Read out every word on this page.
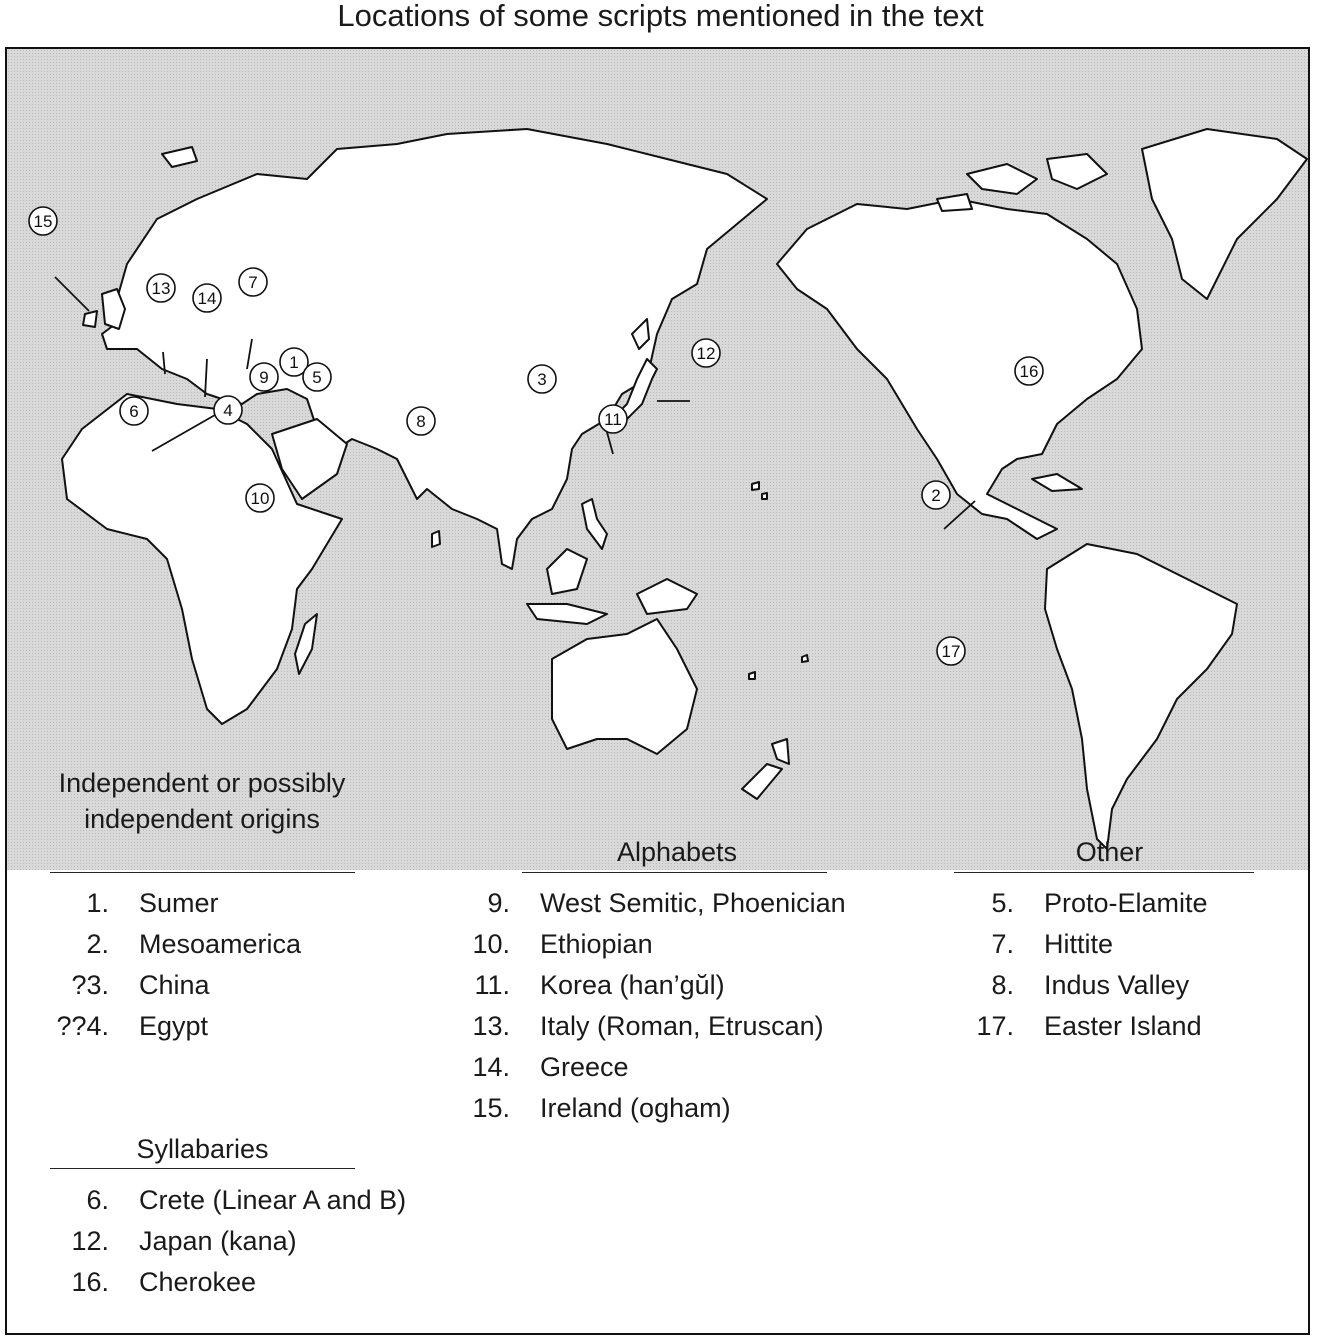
Locations of some scripts mentioned in the text
1
2
3
4
5
6
7
8
9
10
11
12
13
14
15
16
17
Independent or possibly independent origins
Alphabets	Other
1. Sumer
2. Mesoamerica
?3. China
??4. Egypt
Syllabaries
6. Crete (Linear A and B)
12. Japan (kana)
16. Cherokee
9. West Semitic, Phoenician
10. Ethiopian
11. Korea (han’gŭl)
13. Italy (Roman, Etruscan)
14. Greece
15. Ireland (ogham)
5. Proto-Elamite
7. Hittite
8. Indus Valley
17. Easter Island
